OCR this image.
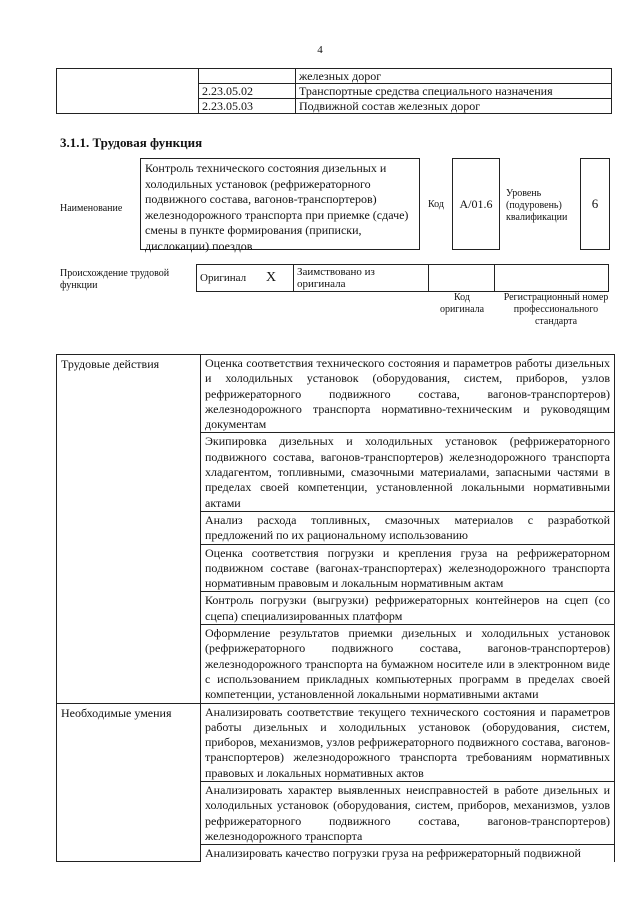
4
		железных дорог
	2.23.05.02	Транспортные средства специального назначения
	2.23.05.03	Подвижной состав железных дорог
3.1.1. Трудовая функция
Наименование
Контроль технического состояния дизельных и холодильных установок (рефрижераторного подвижного состава, вагонов-транспортеров) железнодорожного транспорта при приемке (сдаче) смены в пункте формирования (приписки, дислокации) поездов
Код	A/01.6
Уровень (подуровень) квалификации
6
Происхождение трудовой функции
Оригинал	X	Заимствовано из оригинала		
Код оригинала
Регистрационный номер профессионального стандарта
Трудовые действия	Оценка соответствия технического состояния и параметров работы дизельных и холодильных установок (оборудования, систем, приборов, узлов рефрижераторного подвижного состава, вагонов-транспортеров) железнодорожного транспорта нормативно-техническим и руководящим документам
	Экипировка дизельных и холодильных установок (рефрижераторного подвижного состава, вагонов-транспортеров) железнодорожного транспорта хладагентом, топливными, смазочными материалами, запасными частями в пределах своей компетенции, установленной локальными нормативными актами
	Анализ расхода топливных, смазочных материалов с разработкой предложений по их рациональному использованию
	Оценка соответствия погрузки и крепления груза на рефрижераторном подвижном составе (вагонах-транспортерах) железнодорожного транспорта нормативным правовым и локальным нормативным актам
	Контроль погрузки (выгрузки) рефрижераторных контейнеров на сцеп (со сцепа) специализированных платформ
	Оформление результатов приемки дизельных и холодильных установок (рефрижераторного подвижного состава, вагонов-транспортеров) железнодорожного транспорта на бумажном носителе или в электронном виде с использованием прикладных компьютерных программ в пределах своей компетенции, установленной локальными нормативными актами
Необходимые умения	Анализировать соответствие текущего технического состояния и параметров работы дизельных и холодильных установок (оборудования, систем, приборов, механизмов, узлов рефрижераторного подвижного состава, вагонов-транспортеров) железнодорожного транспорта требованиям нормативных правовых и локальных нормативных актов
	Анализировать характер выявленных неисправностей в работе дизельных и холодильных установок (оборудования, систем, приборов, механизмов, узлов рефрижераторного подвижного состава, вагонов-транспортеров) железнодорожного транспорта
	Анализировать качество погрузки груза на рефрижераторный подвижной
